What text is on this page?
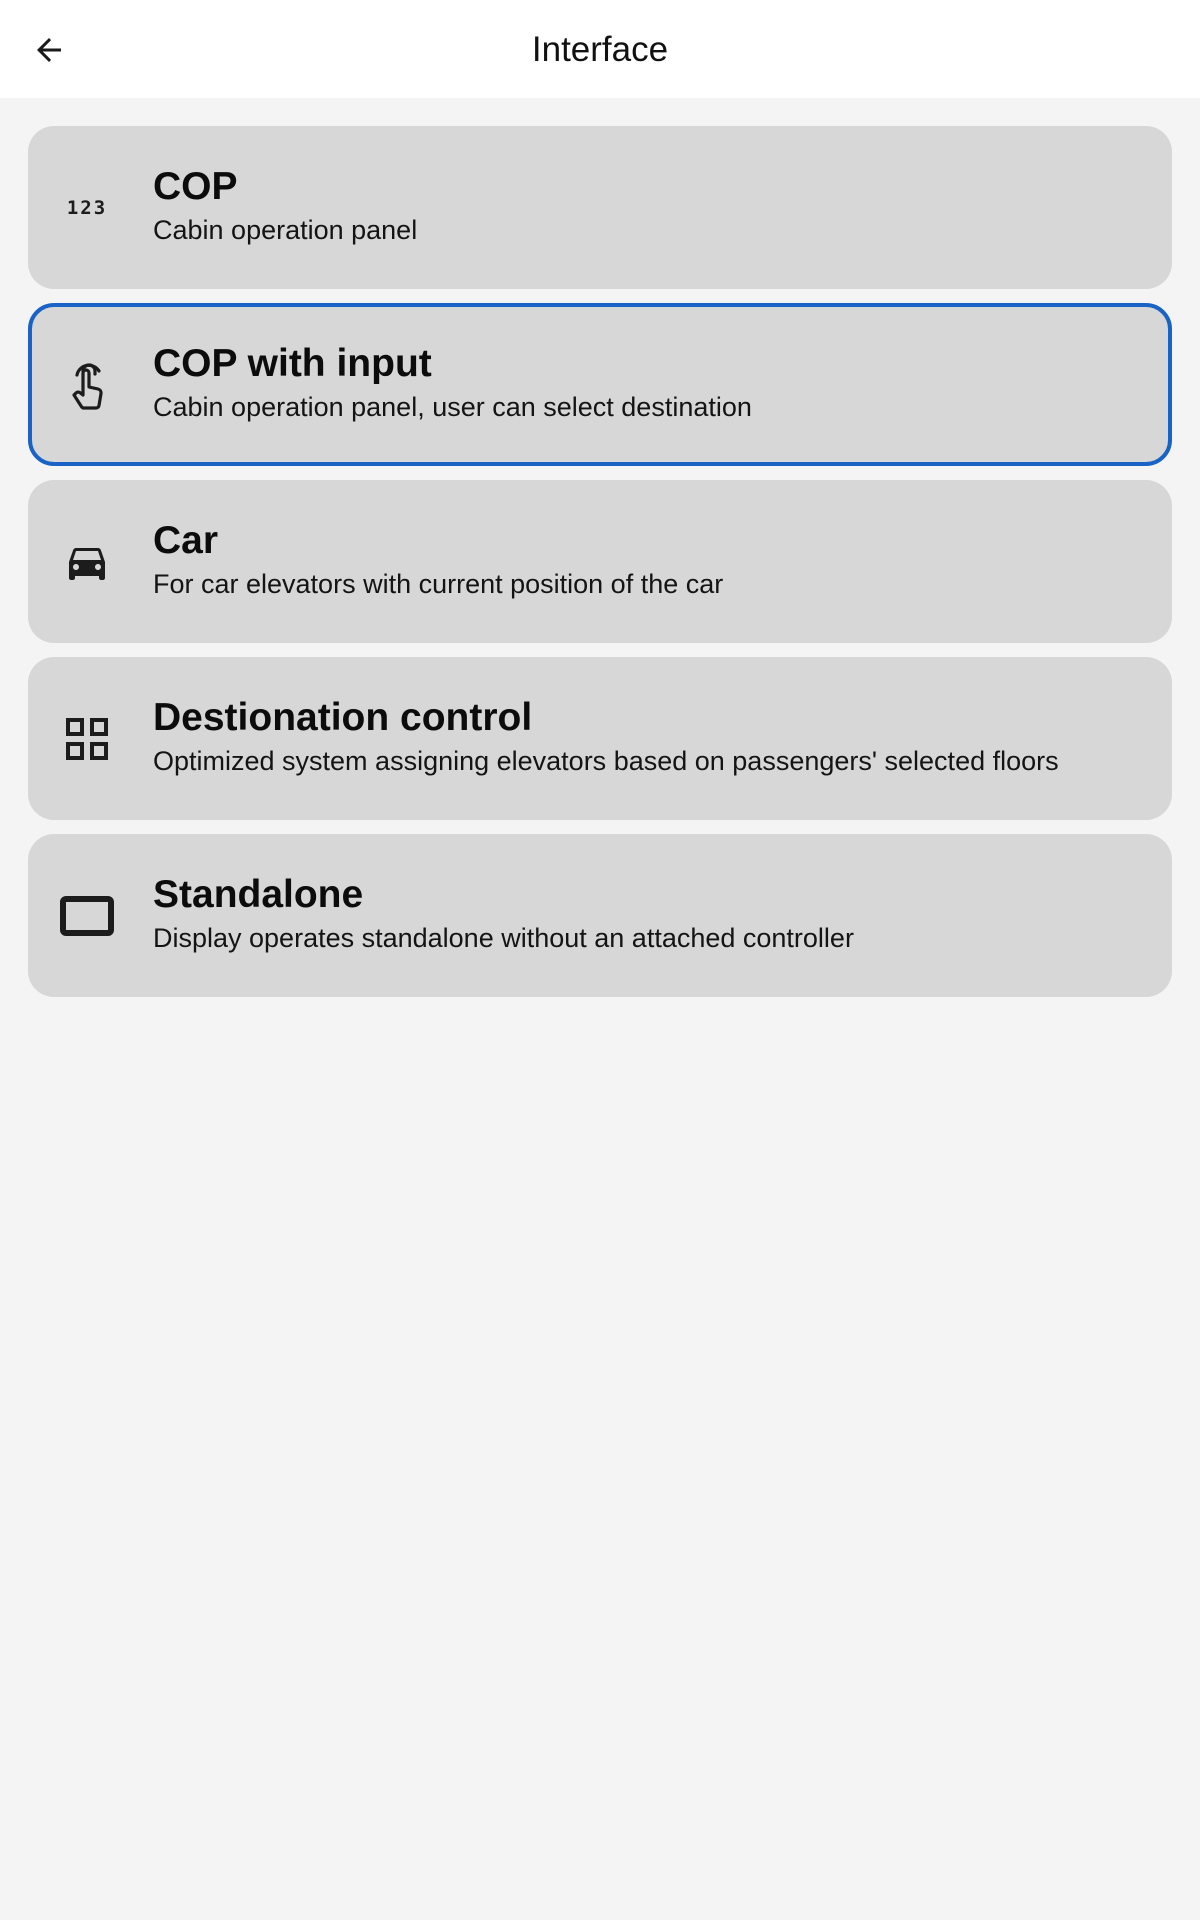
Interface
123 COP
Cabin operation panel
COP with input
Cabin operation panel, user can select destination
Car
For car elevators with current position of the car
Destionation control
Optimized system assigning elevators based on passengers' selected floors
Standalone
Display operates standalone without an attached controller
